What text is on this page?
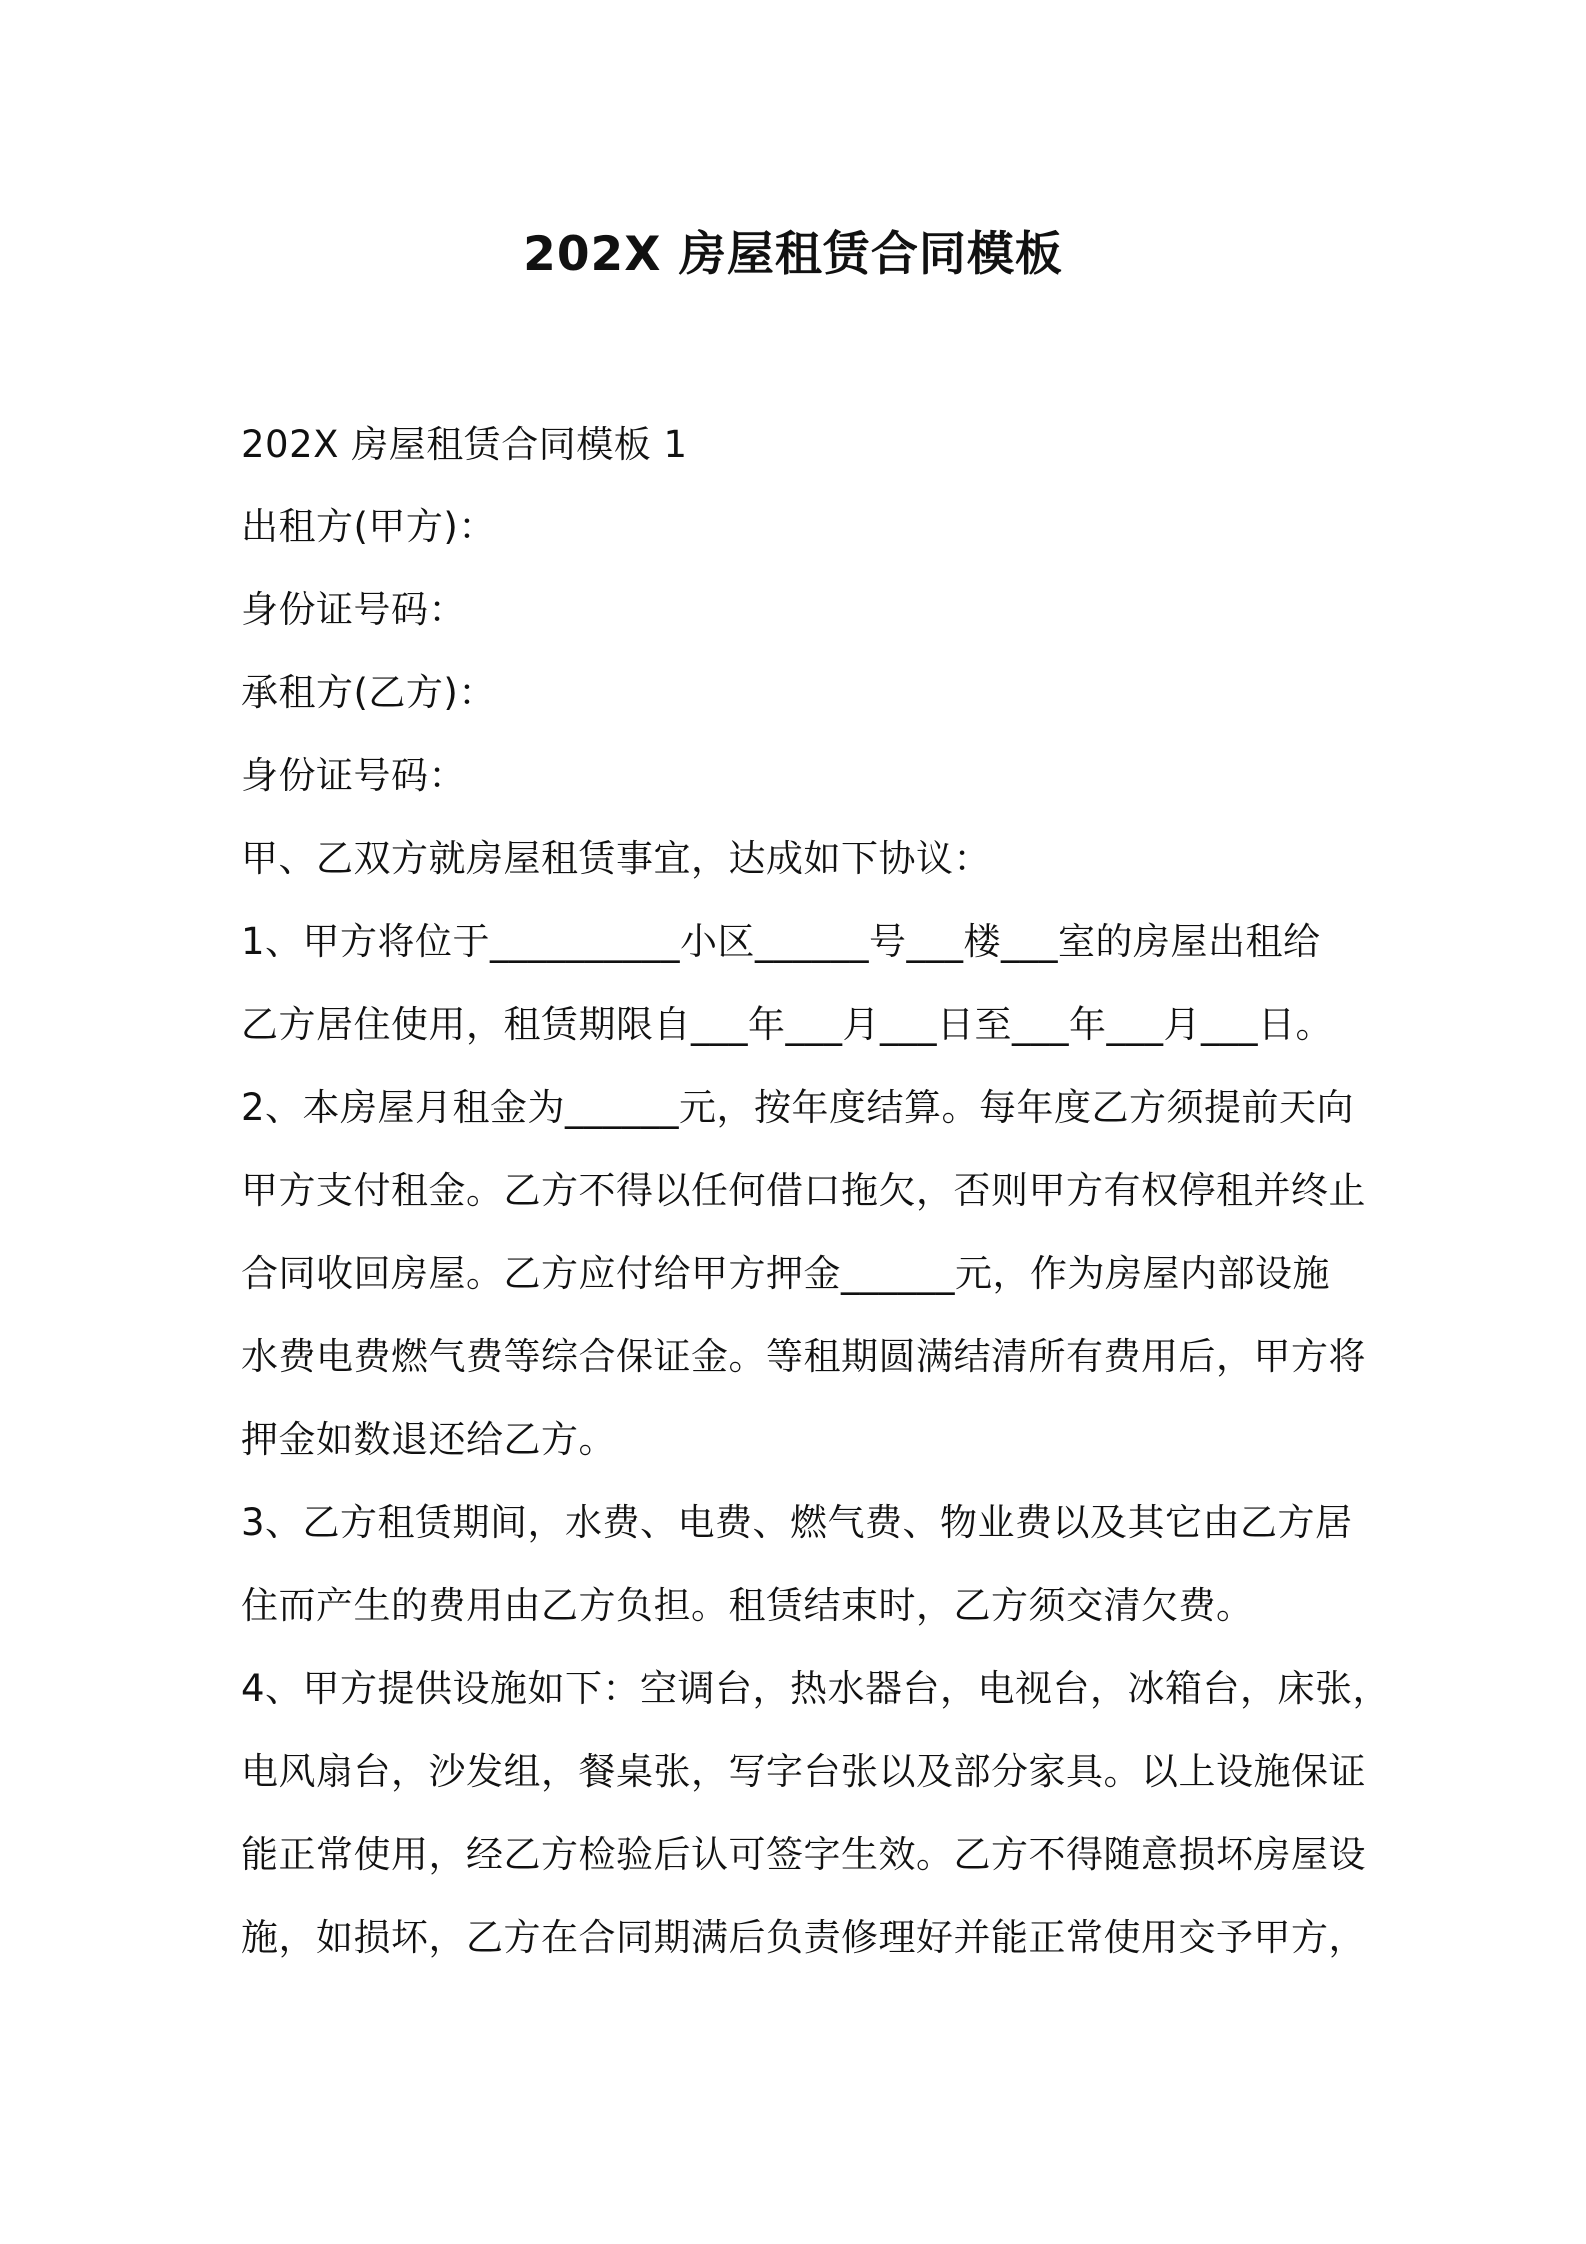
202X 房屋租赁合同模板
202X 房屋租赁合同模板 1
出租方(甲方)：
身份证号码：
承租方(乙方)：
身份证号码：
甲、乙双方就房屋租赁事宜，达成如下协议：
1、甲方将位于__________小区______号___楼___室的房屋出租给
乙方居住使用，租赁期限自___年___月___日至___年___月___日。
2、本房屋月租金为______元，按年度结算。每年度乙方须提前天向
甲方支付租金。乙方不得以任何借口拖欠，否则甲方有权停租并终止
合同收回房屋。乙方应付给甲方押金______元，作为房屋内部设施
水费电费燃气费等综合保证金。等租期圆满结清所有费用后，甲方将
押金如数退还给乙方。
3、乙方租赁期间，水费、电费、燃气费、物业费以及其它由乙方居
住而产生的费用由乙方负担。租赁结束时，乙方须交清欠费。
4、甲方提供设施如下：空调台，热水器台，电视台，冰箱台，床张，
电风扇台，沙发组，餐桌张，写字台张以及部分家具。以上设施保证
能正常使用，经乙方检验后认可签字生效。乙方不得随意损坏房屋设
施，如损坏，乙方在合同期满后负责修理好并能正常使用交予甲方，
